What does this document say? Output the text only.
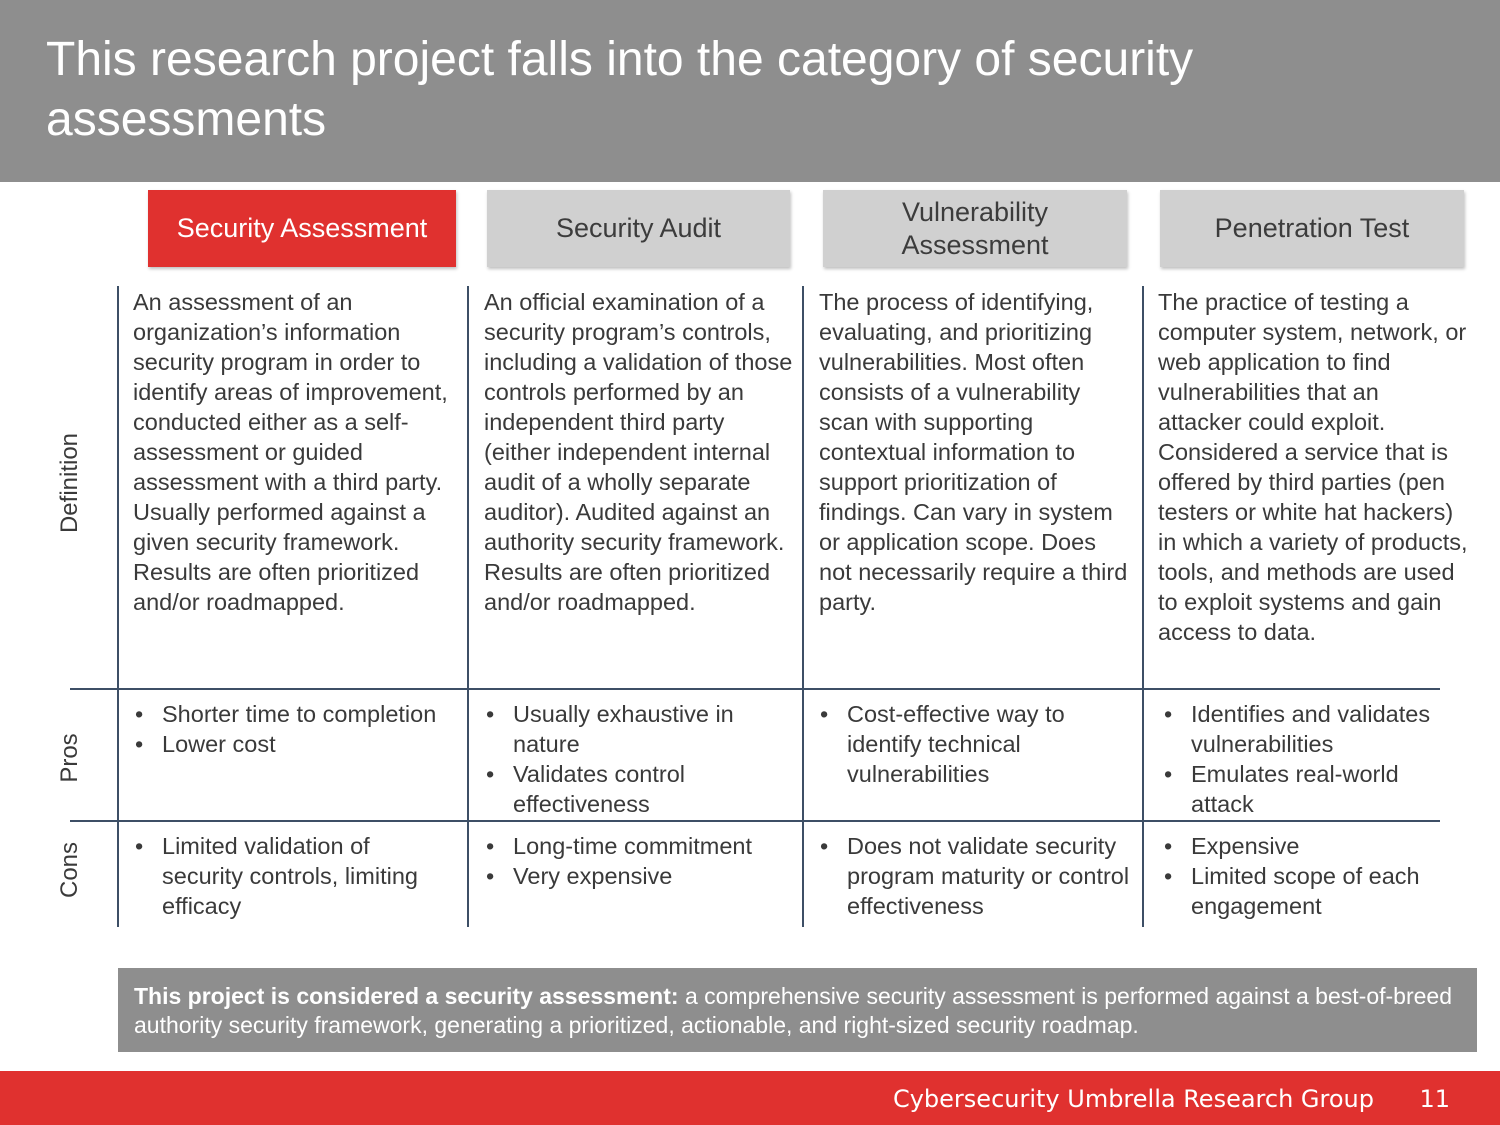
This research project falls into the category of security assessments
Security Assessment	Security Audit
Vulnerability Assessment
Penetration Test
Definition
Pros
Cons
An assessment of an organization’s information security program in order to identify areas of improvement, conducted either as a self-assessment or guided assessment with a third party. Usually performed against a given security framework. Results are often prioritized and/or roadmapped.
An official examination of a security program’s controls, including a validation of those controls performed by an independent third party (either independent internal audit of a wholly separate auditor). Audited against an authority security framework. Results are often prioritized and/or roadmapped.
The process of identifying, evaluating, and prioritizing vulnerabilities. Most often consists of a vulnerability scan with supporting contextual information to support prioritization of findings. Can vary in system or application scope. Does not necessarily require a third party.
The practice of testing a computer system, network, or web application to find vulnerabilities that an attacker could exploit. Considered a service that is offered by third parties (pen testers or white hat hackers) in which a variety of products, tools, and methods are used to exploit systems and gain access to data.
• Shorter time to completion
• Lower cost
• Usually exhaustive in nature
• Validates control effectiveness
• Cost-effective way to identify technical vulnerabilities
• Identifies and validates vulnerabilities
• Emulates real-world attack
• Limited validation of security controls, limiting efficacy
• Long-time commitment
• Very expensive
• Does not validate security program maturity or control effectiveness
• Expensive
• Limited scope of each engagement
This project is considered a security assessment: a comprehensive security assessment is performed against a best-of-breed authority security framework, generating a prioritized, actionable, and right-sized security roadmap.
Cybersecurity Umbrella Research Group 11
